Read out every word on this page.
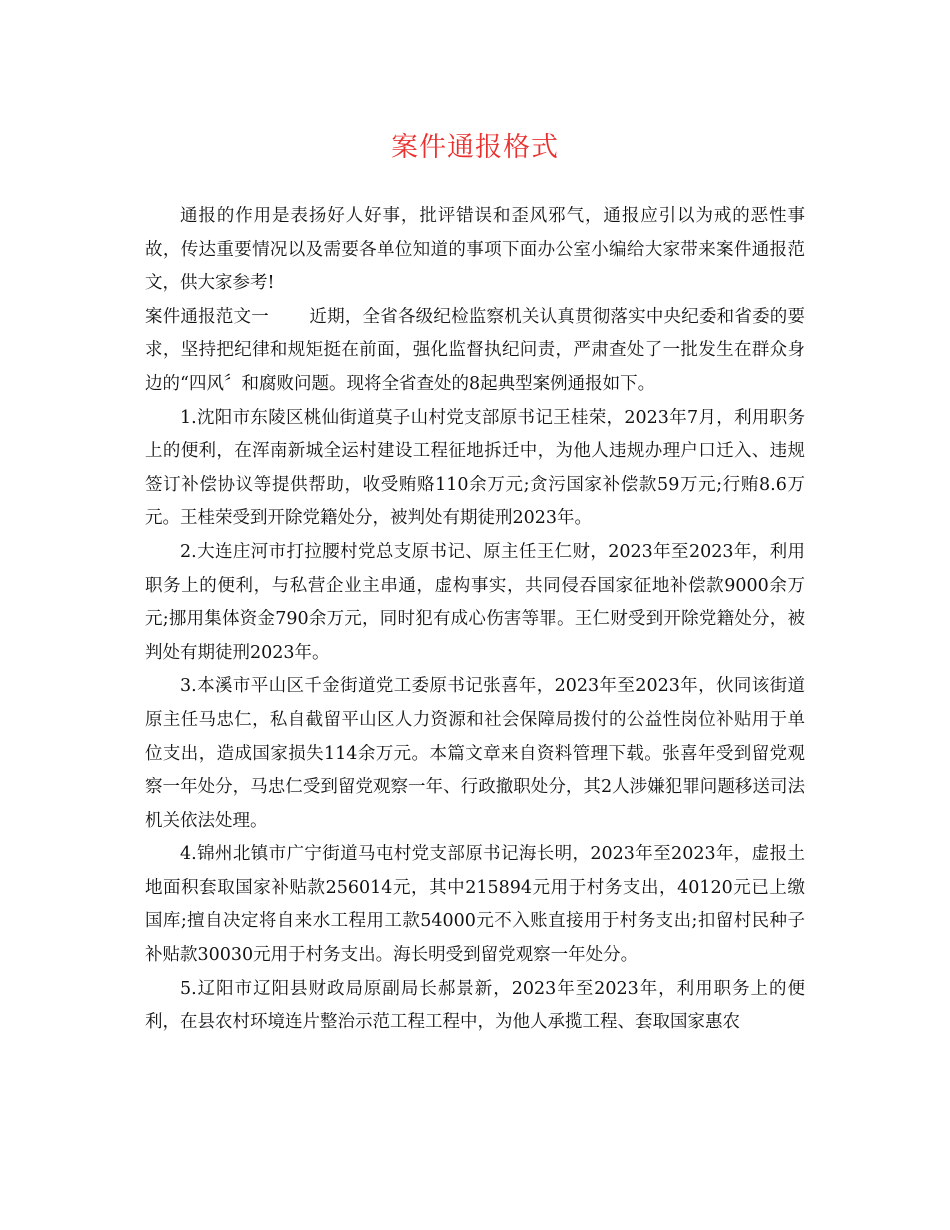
案件通报格式

通报的作用是表扬好人好事，批评错误和歪风邪气，通报应引以为戒的恶性事故，传达重要情况以及需要各单位知道的事项下面办公室小编给大家带来案件通报范文，供大家参考!

案件通报范文一 近期，全省各级纪检监察机关认真贯彻落实中央纪委和省委的要求，坚持把纪律和规矩挺在前面，强化监督执纪问责，严肃查处了一批发生在群众身边的“四风〞和腐败问题。现将全省查处的8起典型案例通报如下。

1.沈阳市东陵区桃仙街道莫子山村党支部原书记王桂荣，2023年7月，利用职务上的便利，在浑南新城全运村建设工程征地拆迁中，为他人违规办理户口迁入、违规签订补偿协议等提供帮助，收受贿赂110余万元;贪污国家补偿款59万元;行贿8.6万元。王桂荣受到开除党籍处分，被判处有期徒刑2023年。

2.大连庄河市打拉腰村党总支原书记、原主任王仁财，2023年至2023年，利用职务上的便利，与私营企业主串通，虚构事实，共同侵吞国家征地补偿款9000余万元;挪用集体资金790余万元，同时犯有成心伤害等罪。王仁财受到开除党籍处分，被判处有期徒刑2023年。

3.本溪市平山区千金街道党工委原书记张喜年，2023年至2023年，伙同该街道原主任马忠仁，私自截留平山区人力资源和社会保障局拨付的公益性岗位补贴用于单位支出，造成国家损失114余万元。本篇文章来自资料管理下载。张喜年受到留党观察一年处分，马忠仁受到留党观察一年、行政撤职处分，其2人涉嫌犯罪问题移送司法机关依法处理。

4.锦州北镇市广宁街道马屯村党支部原书记海长明，2023年至2023年，虚报土地面积套取国家补贴款256014元，其中215894元用于村务支出，40120元已上缴国库;擅自决定将自来水工程用工款54000元不入账直接用于村务支出;扣留村民种子补贴款30030元用于村务支出。海长明受到留党观察一年处分。

5.辽阳市辽阳县财政局原副局长郝景新，2023年至2023年，利用职务上的便利，在县农村环境连片整治示范工程工程中，为他人承揽工程、套取国家惠农
